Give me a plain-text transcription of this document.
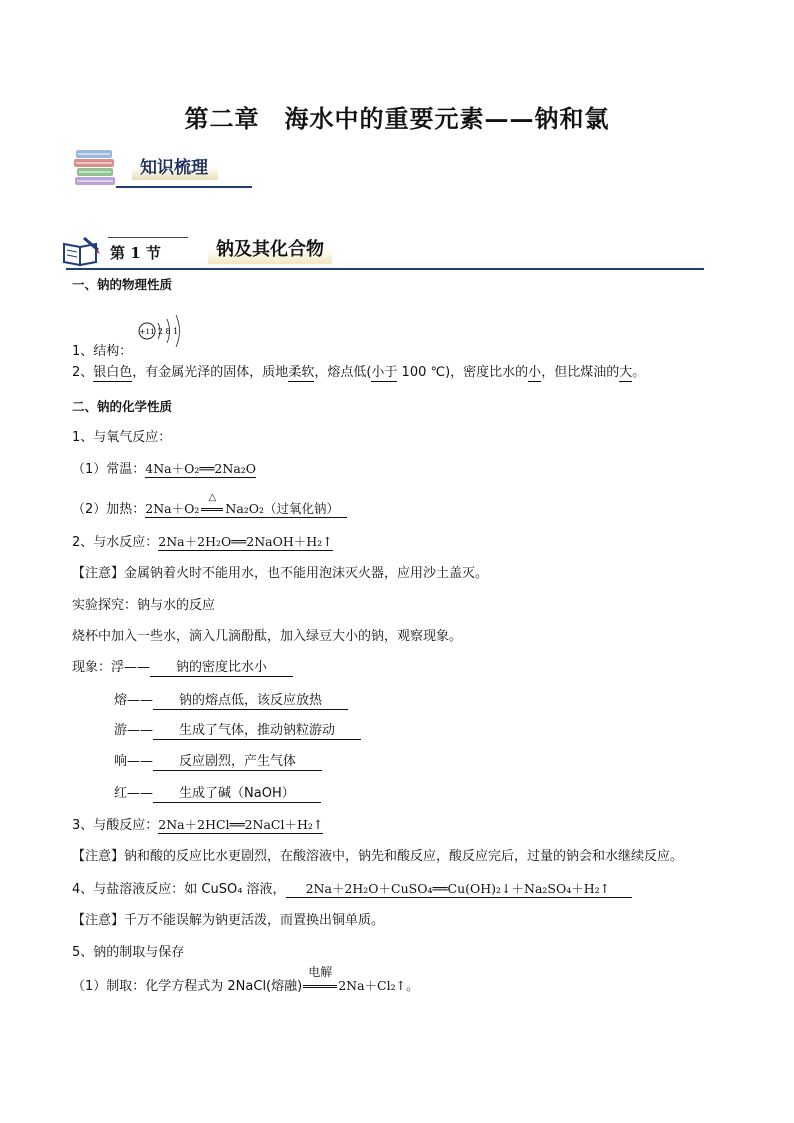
第二章　海水中的重要元素——钠和氯
知识梳理
第 1 节	钠及其化合物
一、钠的物理性质
+11 2 8 1
1、结构：
2、银白色，有金属光泽的固体，质地柔软，熔点低(小于 100 ℃)，密度比水的小，但比煤油的大。
二、钠的化学性质
1、与氧气反应：
（1）常温：4Na＋O₂══2Na₂O
（2）加热：2Na＋O₂
△
Na₂O₂（过氧化钠）
2、与水反应：2Na＋2H₂O══2NaOH＋H₂↑
【注意】金属钠着火时不能用水，也不能用泡沫灭火器，应用沙土盖灭。
实验探究：钠与水的反应
烧杯中加入一些水，滴入几滴酚酞，加入绿豆大小的钠，观察现象。
现象：浮—— 钠的密度比水小
熔—— 钠的熔点低，该反应放热
游—— 生成了气体，推动钠粒游动
响—— 反应剧烈，产生气体
红—— 生成了碱（NaOH）
3、与酸反应：2Na＋2HCl══2NaCl＋H₂↑
【注意】钠和酸的反应比水更剧烈，在酸溶液中，钠先和酸反应，酸反应完后，过量的钠会和水继续反应。
4、与盐溶液反应：如 CuSO₄ 溶液， 2Na＋2H₂O＋CuSO₄══Cu(OH)₂↓＋Na₂SO₄＋H₂↑
【注意】千万不能误解为钠更活泼，而置换出铜单质。
5、钠的制取与保存
（1）制取：化学方程式为 2NaCl(熔融)
电解
2Na＋Cl₂↑。
